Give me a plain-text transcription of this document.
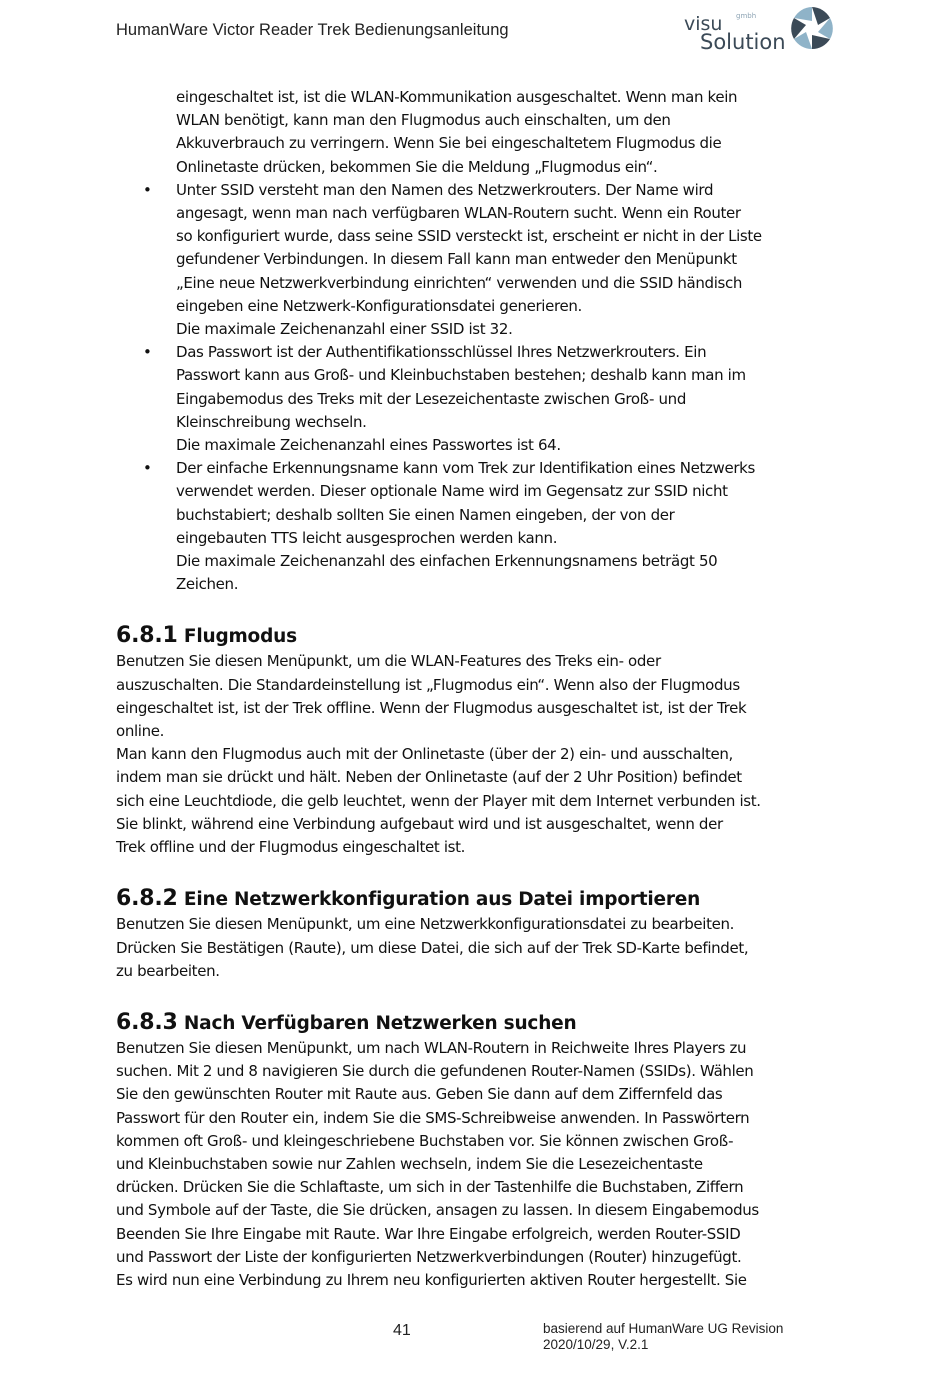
HumanWare Victor Reader Trek Bedienungsanleitung	visu gmbh
Solution
eingeschaltet ist, ist die WLAN-Kommunikation ausgeschaltet. Wenn man kein
WLAN benötigt, kann man den Flugmodus auch einschalten, um den
Akkuverbrauch zu verringern. Wenn Sie bei eingeschaltetem Flugmodus die
Onlinetaste drücken, bekommen Sie die Meldung „Flugmodus ein“.
• Unter SSID versteht man den Namen des Netzwerkrouters. Der Name wird
angesagt, wenn man nach verfügbaren WLAN-Routern sucht. Wenn ein Router
so konfiguriert wurde, dass seine SSID versteckt ist, erscheint er nicht in der Liste
gefundener Verbindungen. In diesem Fall kann man entweder den Menüpunkt
„Eine neue Netzwerkverbindung einrichten“ verwenden und die SSID händisch
eingeben eine Netzwerk-Konfigurationsdatei generieren.
Die maximale Zeichenanzahl einer SSID ist 32.
• Das Passwort ist der Authentifikationsschlüssel Ihres Netzwerkrouters. Ein
Passwort kann aus Groß- und Kleinbuchstaben bestehen; deshalb kann man im
Eingabemodus des Treks mit der Lesezeichentaste zwischen Groß- und
Kleinschreibung wechseln.
Die maximale Zeichenanzahl eines Passwortes ist 64.
• Der einfache Erkennungsname kann vom Trek zur Identifikation eines Netzwerks
verwendet werden. Dieser optionale Name wird im Gegensatz zur SSID nicht
buchstabiert; deshalb sollten Sie einen Namen eingeben, der von der
eingebauten TTS leicht ausgesprochen werden kann.
Die maximale Zeichenanzahl des einfachen Erkennungsnamens beträgt 50
Zeichen.
6.8.1 Flugmodus

Benutzen Sie diesen Menüpunkt, um die WLAN-Features des Treks ein- oder
auszuschalten. Die Standardeinstellung ist „Flugmodus ein“. Wenn also der Flugmodus
eingeschaltet ist, ist der Trek offline. Wenn der Flugmodus ausgeschaltet ist, ist der Trek
online.
Man kann den Flugmodus auch mit der Onlinetaste (über der 2) ein- und ausschalten,
indem man sie drückt und hält. Neben der Onlinetaste (auf der 2 Uhr Position) befindet
sich eine Leuchtdiode, die gelb leuchtet, wenn der Player mit dem Internet verbunden ist.
Sie blinkt, während eine Verbindung aufgebaut wird und ist ausgeschaltet, wenn der
Trek offline und der Flugmodus eingeschaltet ist.

6.8.2 Eine Netzwerkkonfiguration aus Datei importieren

Benutzen Sie diesen Menüpunkt, um eine Netzwerkkonfigurationsdatei zu bearbeiten.
Drücken Sie Bestätigen (Raute), um diese Datei, die sich auf der Trek SD-Karte befindet,
zu bearbeiten.

6.8.3 Nach Verfügbaren Netzwerken suchen

Benutzen Sie diesen Menüpunkt, um nach WLAN-Routern in Reichweite Ihres Players zu
suchen. Mit 2 und 8 navigieren Sie durch die gefundenen Router-Namen (SSIDs). Wählen
Sie den gewünschten Router mit Raute aus. Geben Sie dann auf dem Ziffernfeld das
Passwort für den Router ein, indem Sie die SMS-Schreibweise anwenden. In Passwörtern
kommen oft Groß- und kleingeschriebene Buchstaben vor. Sie können zwischen Groß-
und Kleinbuchstaben sowie nur Zahlen wechseln, indem Sie die Lesezeichentaste
drücken. Drücken Sie die Schlaftaste, um sich in der Tastenhilfe die Buchstaben, Ziffern
und Symbole auf der Taste, die Sie drücken, ansagen zu lassen. In diesem Eingabemodus
Beenden Sie Ihre Eingabe mit Raute. War Ihre Eingabe erfolgreich, werden Router-SSID
und Passwort der Liste der konfigurierten Netzwerkverbindungen (Router) hinzugefügt.
Es wird nun eine Verbindung zu Ihrem neu konfigurierten aktiven Router hergestellt. Sie

41	basierend auf HumanWare UG Revision
2020/10/29, V.2.1
